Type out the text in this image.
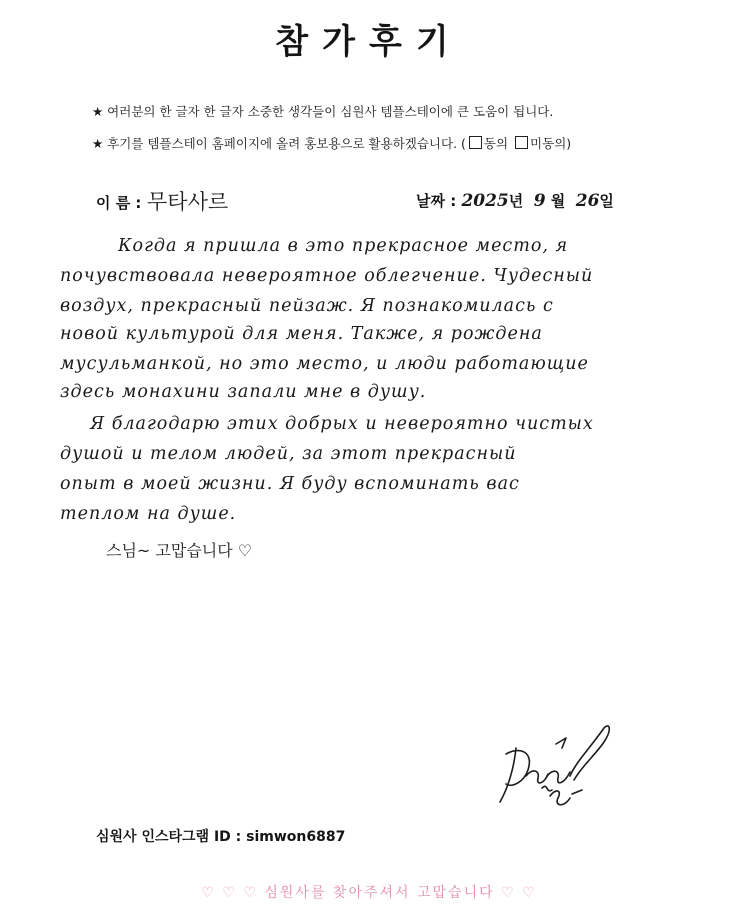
참가후기
★ 여러분의 한 글자 한 글자 소중한 생각들이 심원사 템플스테이에 큰 도움이 됩니다.
★ 후기를 템플스테이 홈페이지에 올려 홍보용으로 활용하겠습니다. ( 동의 미동의)
이 름 : 무타사르	날짜 : 2025년 9 월 26일
Когда я пришла в это прекрасное место, я
почувствовала невероятное облегчение. Чудесный
воздух, прекрасный пейзаж. Я познакомилась с
новой культурой для меня. Также, я рождена
мусульманкой, но это место, и люди работающие
здесь монахини запали мне в душу.
Я благодарю этих добрых и невероятно чистых
душой и телом людей, за этот прекрасный
опыт в моей жизни. Я буду вспоминать вас
теплом на душе.
스님~ 고맙습니다 ♡
심원사 인스타그램 ID : simwon6887
♡ ♡ ♡ 심원사를 찾아주셔서 고맙습니다 ♡ ♡
